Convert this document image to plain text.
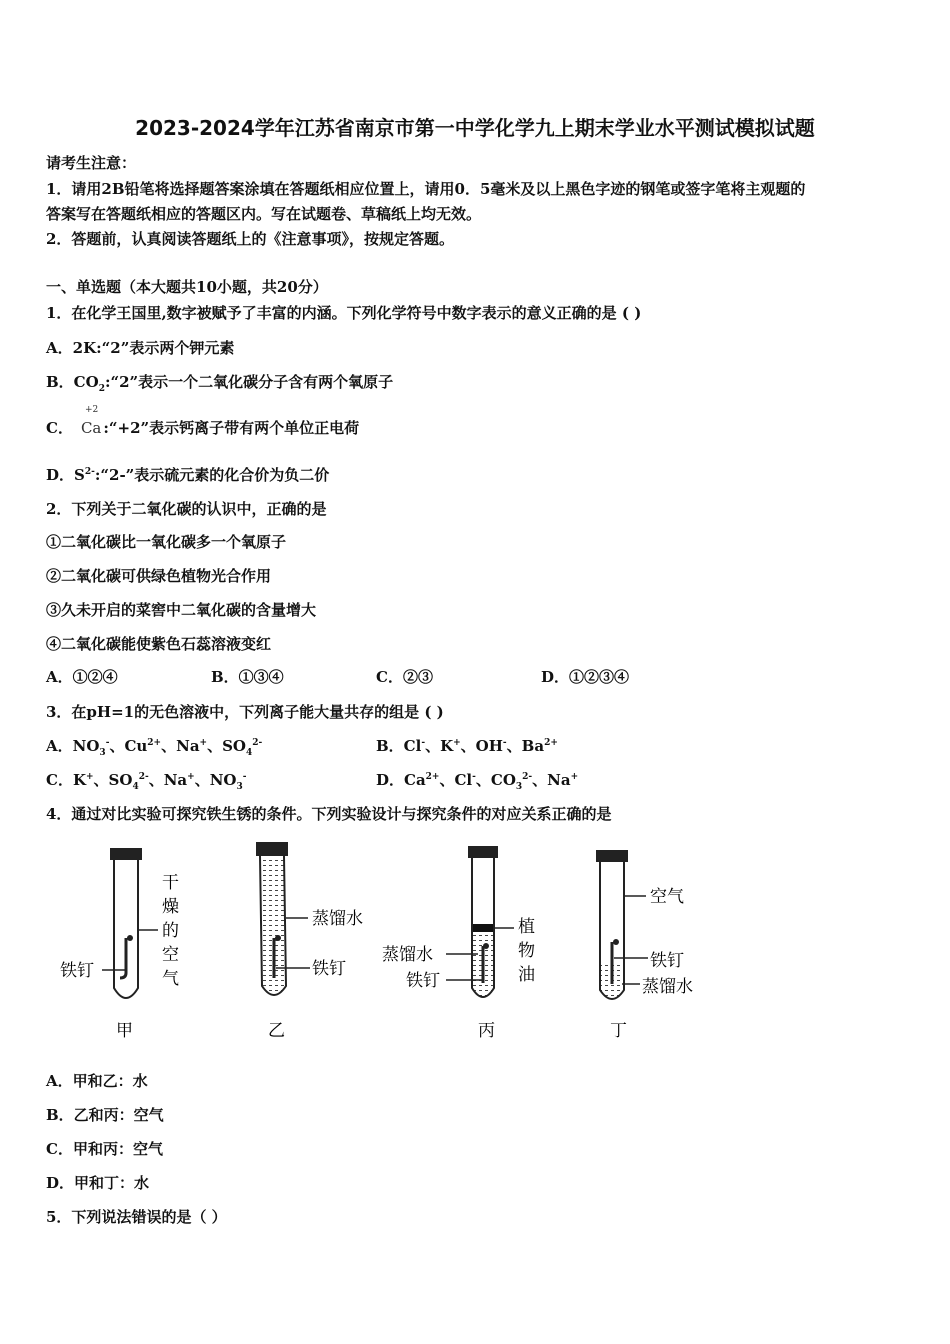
2023-2024学年江苏省南京市第一中学化学九上期末学业水平测试模拟试题
请考生注意：
1．请用2B铅笔将选择题答案涂填在答题纸相应位置上，请用0．5毫米及以上黑色字迹的钢笔或签字笔将主观题的
答案写在答题纸相应的答题区内。写在试题卷、草稿纸上均无效。
2．答题前，认真阅读答题纸上的《注意事项》，按规定答题。
一、单选题（本大题共10小题，共20分）
1．在化学王国里,数字被赋予了丰富的内涵。下列化学符号中数字表示的意义正确的是 ( )
A．2K:“2”表示两个钾元素
B．$CO_2:“2$”表示一个二氧化碳分子含有两个氧原子
C．
+2
Ca :“+2”表示钙离子带有两个单位正电荷
D．$S^{2-}:“2-$”表示硫元素的化合价为负二价
2．下列关于二氧化碳的认识中，正确的是
①二氧化碳比一氧化碳多一个氧原子
②二氧化碳可供绿色植物光合作用
③久未开启的菜窖中二氧化碳的含量增大
④二氧化碳能使紫色石蕊溶液变红
A．①②④	B．①③④	C．②③	D．①②③④
3．在pH=1的无色溶液中，下列离子能大量共存的组是 ( )
A．$NO_3^-$、$Cu^{2+}$、Na+、$SO_4^{2-}$	B．Cl-、K+、OH-、$Ba^{2+}$
C．K+、$SO_4^{2-}$、Na+、$NO_3^-$	D．$Ca^{2+}$、Cl-、$CO_3^{2-}$、Na+
4．通过对比实验可探究铁生锈的条件。下列实验设计与探究条件的对应关系正确的是
干
燥
的
空
气
铁钉
甲
蒸馏水
铁钉
乙
植
物
油
蒸馏水
铁钉
丙
空气
铁钉
蒸馏水
丁
A．甲和乙：水
B．乙和丙：空气
C．甲和丙：空气
D．甲和丁：水
5．下列说法错误的是（ ）
